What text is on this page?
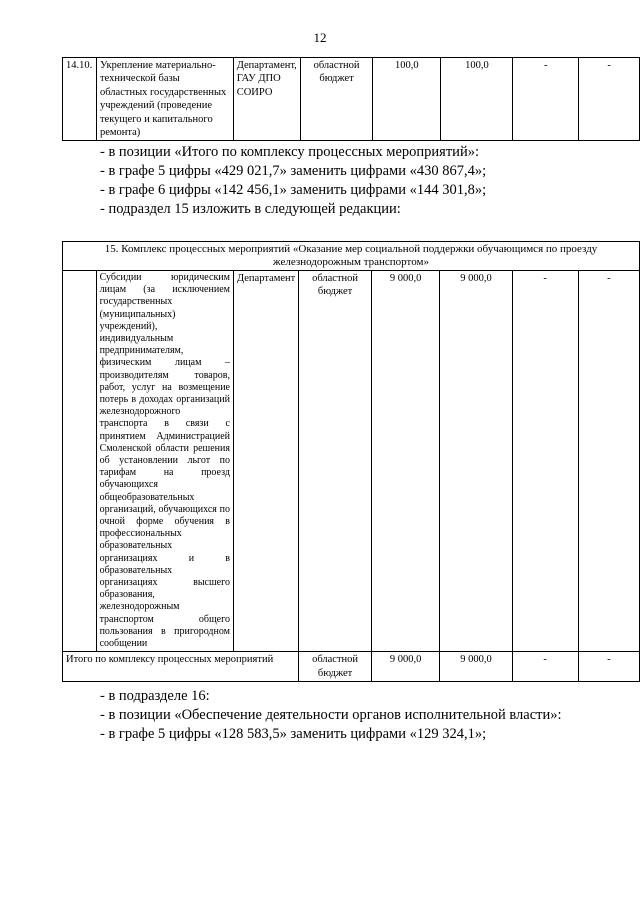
12
14.10.	Укрепление материально-технической базы областных государственных учреждений (проведение текущего и капитального ремонта)	Департамент, ГАУ ДПО СОИРО	областной бюджет	100,0	100,0	-	-
- в позиции «Итого по комплексу процессных мероприятий»:
- в графе 5 цифры «429 021,7» заменить цифрами «430 867,4»;
- в графе 6 цифры «142 456,1» заменить цифрами «144 301,8»;
- подраздел 15 изложить в следующей редакции:
15. Комплекс процессных мероприятий «Оказание мер социальной поддержки обучающимся по проезду железнодорожным транспортом»							
	Субсидии юридическим лицам (за исключением государственных (муниципальных) учреждений), индивидуальным предпринимателям, физическим лицам – производителям товаров, работ, услуг на возмещение потерь в доходах организаций железнодорожного транспорта в связи с принятием Администрацией Смоленской области решения об установлении льгот по тарифам на проезд обучающихся общеобразовательных организаций, обучающихся по очной форме обучения в профессиональных образовательных организациях и в образовательных организациях высшего образования, железнодорожным транспортом общего пользования в пригородном сообщении	Департамент	областной бюджет	9 000,0	9 000,0	-	-
Итого по комплексу процессных мероприятий			областной бюджет	9 000,0	9 000,0	-	-
- в подразделе 16:
- в позиции «Обеспечение деятельности органов исполнительной власти»:
- в графе 5 цифры «128 583,5» заменить цифрами «129 324,1»;
